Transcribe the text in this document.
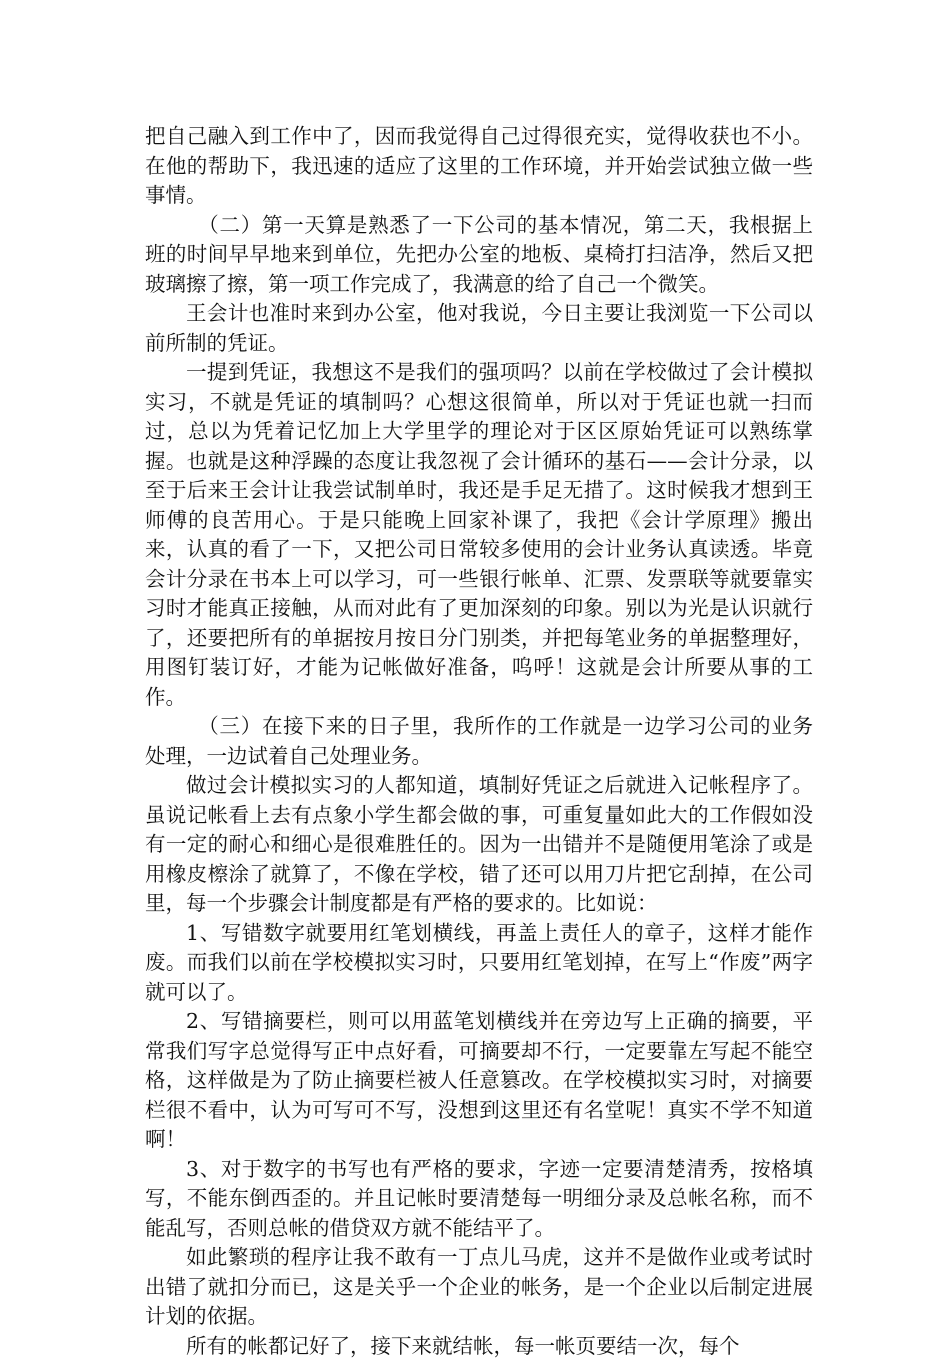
把自己融入到工作中了，因而我觉得自己过得很充实，觉得收获也不小。在他的帮助下，我迅速的适应了这里的工作环境，并开始尝试独立做一些事情。

（二）第一天算是熟悉了一下公司的基本情况，第二天，我根据上班的时间早早地来到单位，先把办公室的地板、桌椅打扫洁净，然后又把玻璃擦了擦，第一项工作完成了，我满意的给了自己一个微笑。

王会计也准时来到办公室，他对我说，今日主要让我浏览一下公司以前所制的凭证。

一提到凭证，我想这不是我们的强项吗？以前在学校做过了会计模拟实习，不就是凭证的填制吗？心想这很简单，所以对于凭证也就一扫而过，总以为凭着记忆加上大学里学的理论对于区区原始凭证可以熟练掌握。也就是这种浮躁的态度让我忽视了会计循环的基石——会计分录，以至于后来王会计让我尝试制单时，我还是手足无措了。这时候我才想到王师傅的良苦用心。于是只能晚上回家补课了，我把《会计学原理》搬出来，认真的看了一下，又把公司日常较多使用的会计业务认真读透。毕竟会计分录在书本上可以学习，可一些银行帐单、汇票、发票联等就要靠实习时才能真正接触，从而对此有了更加深刻的印象。别以为光是认识就行了，还要把所有的单据按月按日分门别类，并把每笔业务的单据整理好，用图钉装订好，才能为记帐做好准备，呜呼！这就是会计所要从事的工作。

（三）在接下来的日子里，我所作的工作就是一边学习公司的业务处理，一边试着自己处理业务。

做过会计模拟实习的人都知道，填制好凭证之后就进入记帐程序了。虽说记帐看上去有点象小学生都会做的事，可重复量如此大的工作假如没有一定的耐心和细心是很难胜任的。因为一出错并不是随便用笔涂了或是用橡皮檫涂了就算了，不像在学校，错了还可以用刀片把它刮掉，在公司里，每一个步骤会计制度都是有严格的要求的。比如说：

1、写错数字就要用红笔划横线，再盖上责任人的章子，这样才能作废。而我们以前在学校模拟实习时，只要用红笔划掉，在写上“作废”两字就可以了。

2、写错摘要栏，则可以用蓝笔划横线并在旁边写上正确的摘要，平常我们写字总觉得写正中点好看，可摘要却不行，一定要靠左写起不能空格，这样做是为了防止摘要栏被人任意篡改。在学校模拟实习时，对摘要栏很不看中，认为可写可不写，没想到这里还有名堂呢！真实不学不知道啊！

3、对于数字的书写也有严格的要求，字迹一定要清楚清秀，按格填写，不能东倒西歪的。并且记帐时要清楚每一明细分录及总帐名称，而不能乱写，否则总帐的借贷双方就不能结平了。

如此繁琐的程序让我不敢有一丁点儿马虎，这并不是做作业或考试时出错了就扣分而已，这是关乎一个企业的帐务，是一个企业以后制定进展计划的依据。

所有的帐都记好了，接下来就结帐，每一帐页要结一次，每个
